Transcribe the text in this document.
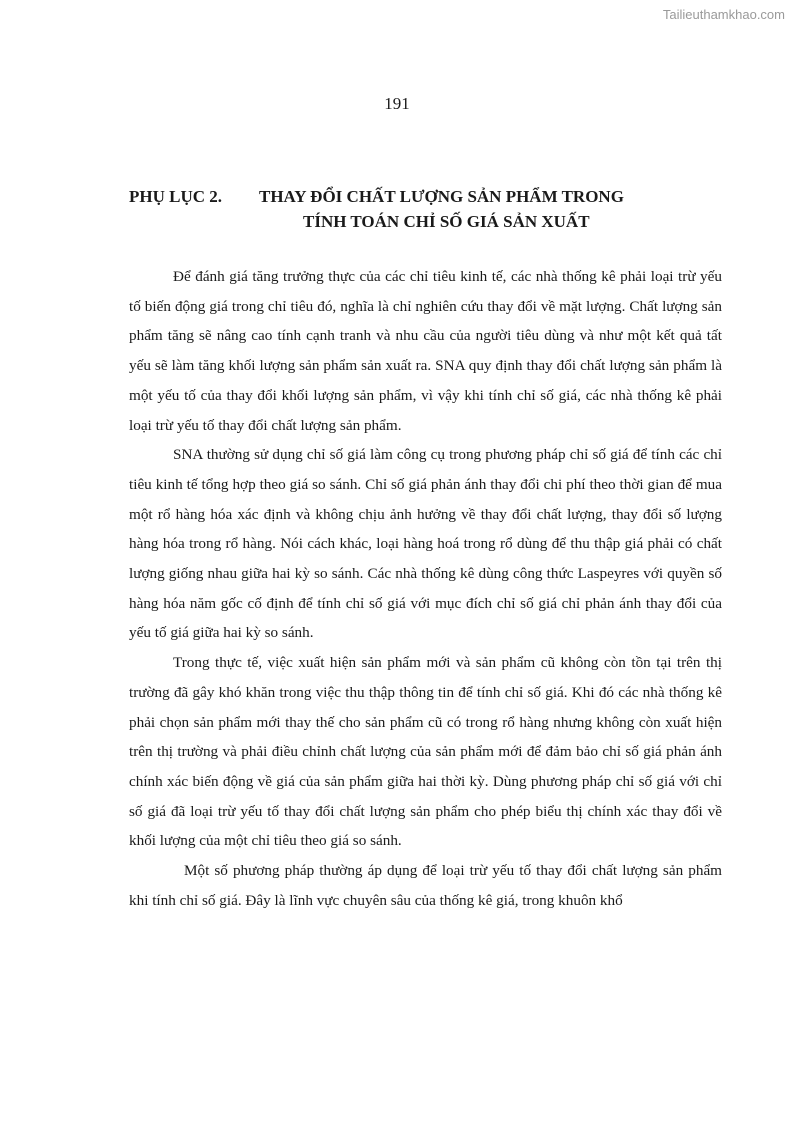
Tailieuthamkhao.com
191
PHỤ LỤC 2.	THAY ĐỔI CHẤT LƯỢNG SẢN PHẨM TRONG
TÍNH TOÁN CHỈ SỐ GIÁ SẢN XUẤT

Để đánh giá tăng trưởng thực của các chỉ tiêu kinh tế, các nhà thống kê phải loại trừ yếu tố biến động giá trong chỉ tiêu đó, nghĩa là chỉ nghiên cứu thay đổi về mặt lượng. Chất lượng sản phẩm tăng sẽ nâng cao tính cạnh tranh và nhu cầu của người tiêu dùng và như một kết quả tất yếu sẽ làm tăng khối lượng sản phẩm sản xuất ra. SNA quy định thay đổi chất lượng sản phẩm là một yếu tố của thay đổi khối lượng sản phẩm, vì vậy khi tính chỉ số giá, các nhà thống kê phải loại trừ yếu tố thay đổi chất lượng sản phẩm.

SNA thường sử dụng chỉ số giá làm công cụ trong phương pháp chỉ số giá để tính các chỉ tiêu kinh tế tổng hợp theo giá so sánh. Chỉ số giá phản ánh thay đổi chi phí theo thời gian để mua một rổ hàng hóa xác định và không chịu ảnh hưởng về thay đổi chất lượng, thay đổi số lượng hàng hóa trong rổ hàng. Nói cách khác, loại hàng hoá trong rổ dùng để thu thập giá phải có chất lượng giống nhau giữa hai kỳ so sánh. Các nhà thống kê dùng công thức Laspeyres với quyền số hàng hóa năm gốc cố định để tính chỉ số giá với mục đích chỉ số giá chỉ phản ánh thay đổi của yếu tố giá giữa hai kỳ so sánh.

Trong thực tế, việc xuất hiện sản phẩm mới và sản phẩm cũ không còn tồn tại trên thị trường đã gây khó khăn trong việc thu thập thông tin để tính chỉ số giá. Khi đó các nhà thống kê phải chọn sản phẩm mới thay thế cho sản phẩm cũ có trong rổ hàng nhưng không còn xuất hiện trên thị trường và phải điều chỉnh chất lượng của sản phẩm mới để đảm bảo chỉ số giá phản ánh chính xác biến động về giá của sản phẩm giữa hai thời kỳ. Dùng phương pháp chỉ số giá với chỉ số giá đã loại trừ yếu tố thay đổi chất lượng sản phẩm cho phép biểu thị chính xác thay đổi về khối lượng của một chỉ tiêu theo giá so sánh.

Một số phương pháp thường áp dụng để loại trừ yếu tố thay đổi chất lượng sản phẩm khi tính chỉ số giá. Đây là lĩnh vực chuyên sâu của thống kê giá, trong khuôn khổ
